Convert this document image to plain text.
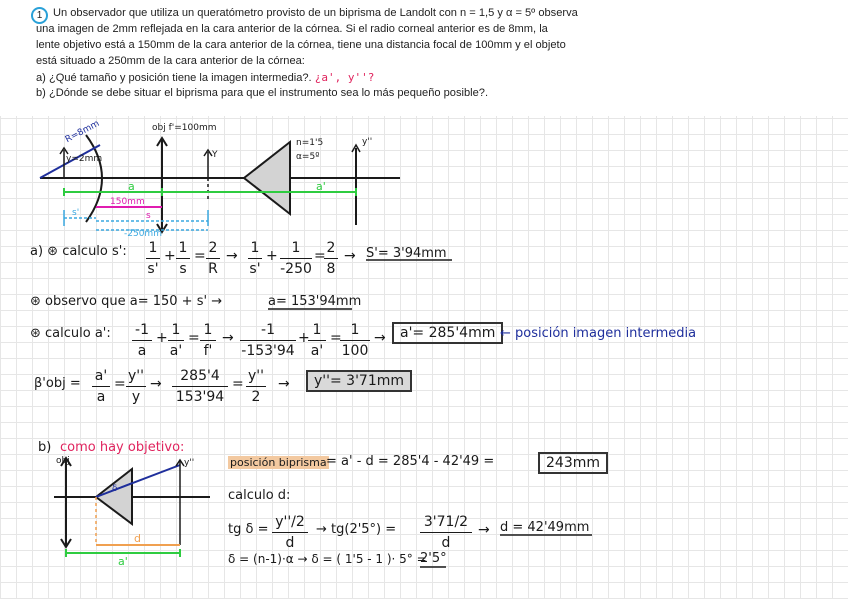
1 Un observador que utiliza un queratómetro provisto de un biprisma de Landolt con n = 1,5 y α = 5º observa

una imagen de 2mm reflejada en la cara anterior de la córnea. Si el radio corneal anterior es de 8mm, la

lente objetivo está a 150mm de la cara anterior de la córnea, tiene una distancia focal de 100mm y el objeto

está situado a 250mm de la cara anterior de la córnea:

a) ¿Qué tamaño y posición tiene la imagen intermedia?. ¿a', y''?

b) ¿Dónde se debe situar el biprisma para que el instrumento sea lo más pequeño posible?.

R=8mm
y=2mm
obj f'=100mm
Y
n=1'5
α=5º
y''
a	a'
150mm
s'	s
-250mm
a) ⊛ calculo s': 1
s'
+ 1
s
= 2
R
→ 1
s'
+ 1
-250
= 2
8
→ S'= 3'94mm
⊛ observo que a= 150 + s' →	a= 153'94mm
⊛ calculo a': -1
a
+ 1
a'
= 1
f'
→	-1
-153'94
+ 1
a'
= 1
100
→	a'= 285'4mm ← posición imagen intermedia
β'obj = a'
a
= y''
y
→	285'4
153'94
= y''
2
→	y''= 3'71mm
b) como hay objetivo:
obj	y''
δ
d
a'
posición biprisma = a' - d = 285'4 - 42'49 =	243mm
calculo d:
tg δ = y''/2
d
→ tg(2'5°) = 3'71/2
d
→ d = 42'49mm
δ = (n-1)·α → δ = ( 1'5 - 1 )· 5° =
2'5°
